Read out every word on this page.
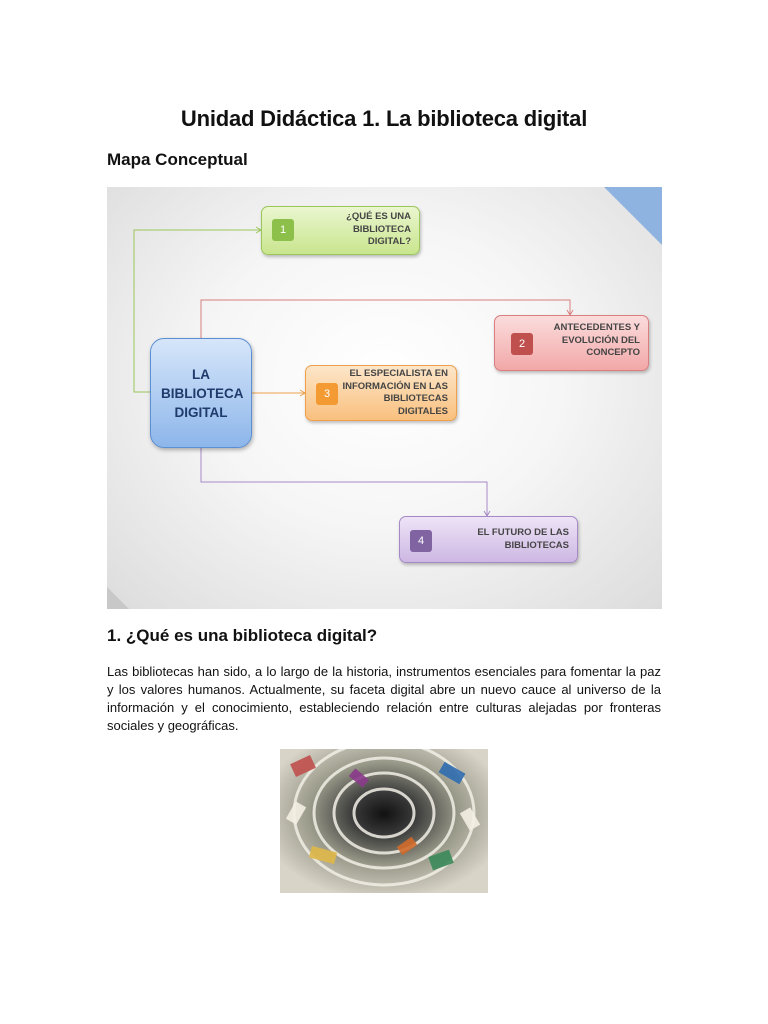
Unidad Didáctica 1. La biblioteca digital
Mapa Conceptual
LA BIBLIOTECA DIGITAL
1
¿QUÉ ES UNA BIBLIOTECA DIGITAL?
2
ANTECEDENTES Y EVOLUCIÓN DEL CONCEPTO
3
EL ESPECIALISTA EN INFORMACIÓN EN LAS BIBLIOTECAS DIGITALES
4
EL FUTURO DE LAS BIBLIOTECAS
1. ¿Qué es una biblioteca digital?
Las bibliotecas han sido, a lo largo de la historia, instrumentos esenciales para fomentar la paz y los valores humanos. Actualmente, su faceta digital abre un nuevo cauce al universo de la información y el conocimiento, estableciendo relación entre culturas alejadas por fronteras sociales y geográficas.
